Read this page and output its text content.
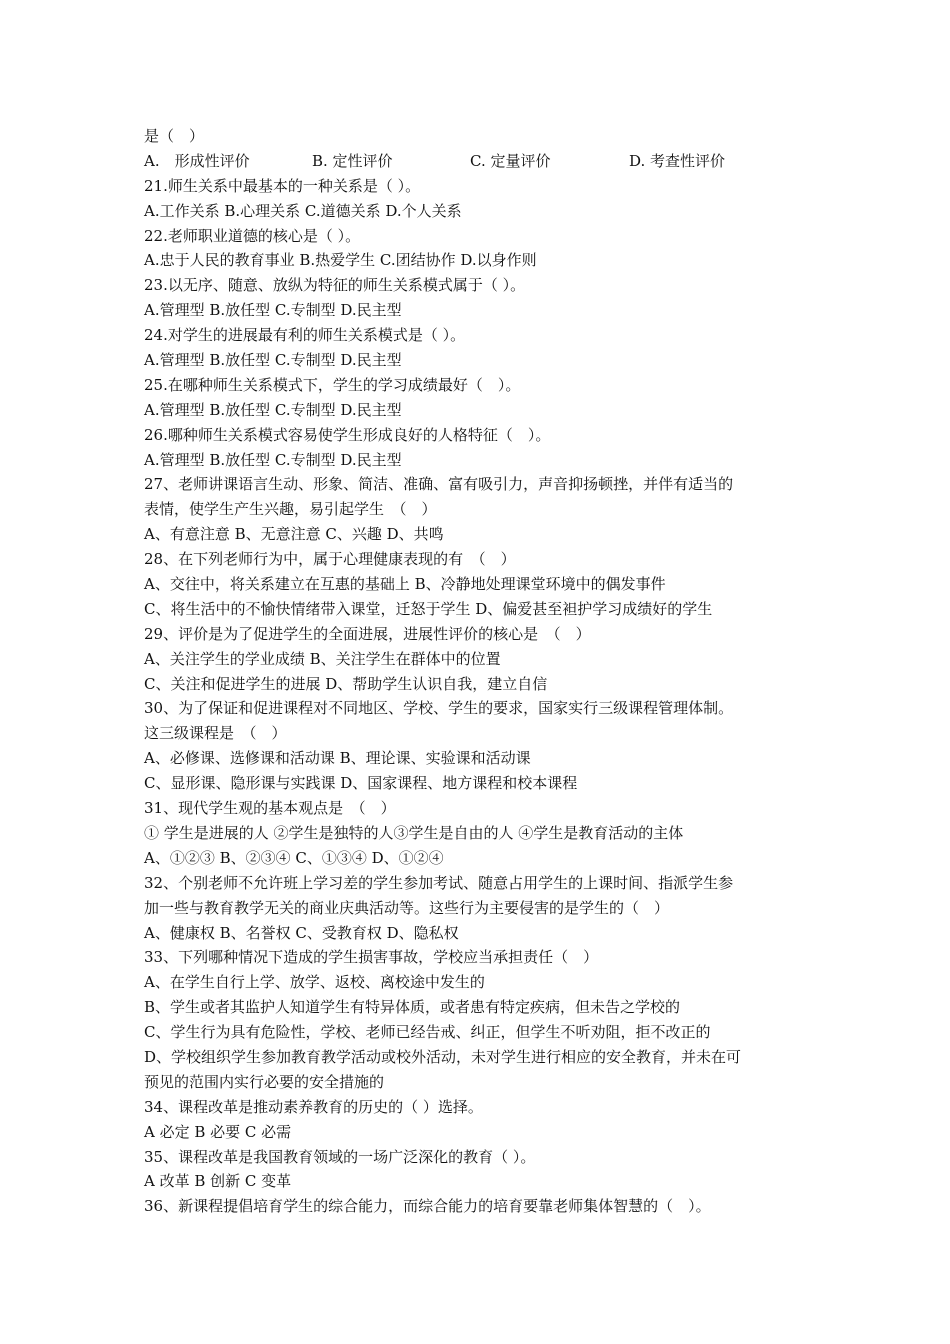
是（　）

A.　形成性评价

	B. 定性评价

	C. 定量评价

	D. 考查性评价

21.师生关系中最基本的一种关系是（ ）。
A.工作关系 B.心理关系 C.道德关系 D.个人关系
22.老师职业道德的核心是（ ）。
A.忠于人民的教育事业 B.热爱学生 C.团结协作 D.以身作则
23.以无序、随意、放纵为特征的师生关系模式属于（ ）。
A.管理型 B.放任型 C.专制型 D.民主型
24.对学生的进展最有利的师生关系模式是（ ）。
A.管理型 B.放任型 C.专制型 D.民主型
25.在哪种师生关系模式下，学生的学习成绩最好（　）。
A.管理型 B.放任型 C.专制型 D.民主型
26.哪种师生关系模式容易使学生形成良好的人格特征（　）。
A.管理型 B.放任型 C.专制型 D.民主型
27、老师讲课语言生动、形象、简洁、准确、富有吸引力，声音抑扬顿挫，并伴有适当的
表情，使学生产生兴趣，易引起学生　（　）
A、有意注意 B、无意注意 C、兴趣 D、共鸣
28、在下列老师行为中，属于心理健康表现的有　（　）
A、交往中，将关系建立在互惠的基础上 B、冷静地处理课堂环境中的偶发事件
C、将生活中的不愉快情绪带入课堂，迁怒于学生 D、偏爱甚至袒护学习成绩好的学生
29、评价是为了促进学生的全面进展，进展性评价的核心是　（　）
A、关注学生的学业成绩 B、关注学生在群体中的位置
C、关注和促进学生的进展 D、帮助学生认识自我，建立自信
30、为了保证和促进课程对不同地区、学校、学生的要求，国家实行三级课程管理体制。
这三级课程是　（　）
A、必修课、选修课和活动课 B、理论课、实验课和活动课
C、显形课、隐形课与实践课 D、国家课程、地方课程和校本课程
31、现代学生观的基本观点是　（　）
① 学生是进展的人 ②学生是独特的人③学生是自由的人 ④学生是教育活动的主体
A、①②③ B、②③④ C、①③④ D、①②④
32、个别老师不允许班上学习差的学生参加考试、随意占用学生的上课时间、指派学生参
加一些与教育教学无关的商业庆典活动等。这些行为主要侵害的是学生的（　）
A、健康权 B、名誉权 C、受教育权 D、隐私权
33、下列哪种情况下造成的学生损害事故，学校应当承担责任（　）
A、在学生自行上学、放学、返校、离校途中发生的
B、学生或者其监护人知道学生有特异体质，或者患有特定疾病，但未告之学校的
C、学生行为具有危险性，学校、老师已经告戒、纠正，但学生不听劝阻，拒不改正的
D、学校组织学生参加教育教学活动或校外活动，未对学生进行相应的安全教育，并未在可
预见的范围内实行必要的安全措施的
34、课程改革是推动素养教育的历史的（ ）选择。
A 必定 B 必要 C 必需
35、课程改革是我国教育领域的一场广泛深化的教育（ ）。
A 改革 B 创新 C 变革
36、新课程提倡培育学生的综合能力，而综合能力的培育要靠老师集体智慧的（　）。
